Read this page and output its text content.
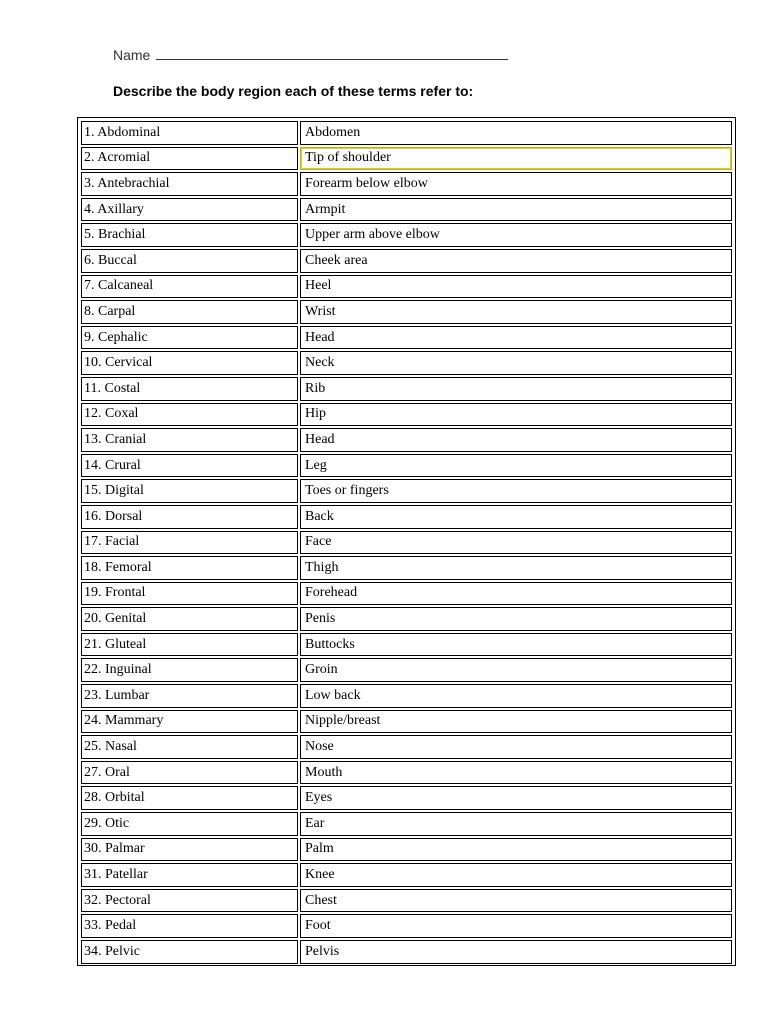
Name
Describe the body region each of these terms refer to:
1. Abdominal	Abdomen
2. Acromial	Tip of shoulder
3. Antebrachial	Forearm below elbow
4. Axillary	Armpit
5. Brachial	Upper arm above elbow
6. Buccal	Cheek area
7. Calcaneal	Heel
8. Carpal	Wrist
9. Cephalic	Head
10. Cervical	Neck
11. Costal	Rib
12. Coxal	Hip
13. Cranial	Head
14. Crural	Leg
15. Digital	Toes or fingers
16. Dorsal	Back
17. Facial	Face
18. Femoral	Thigh
19. Frontal	Forehead
20. Genital	Penis
21. Gluteal	Buttocks
22. Inguinal	Groin
23. Lumbar	Low back
24. Mammary	Nipple/breast
25. Nasal	Nose
27. Oral	Mouth
28. Orbital	Eyes
29. Otic	Ear
30. Palmar	Palm
31. Patellar	Knee
32. Pectoral	Chest
33. Pedal	Foot
34. Pelvic	Pelvis
